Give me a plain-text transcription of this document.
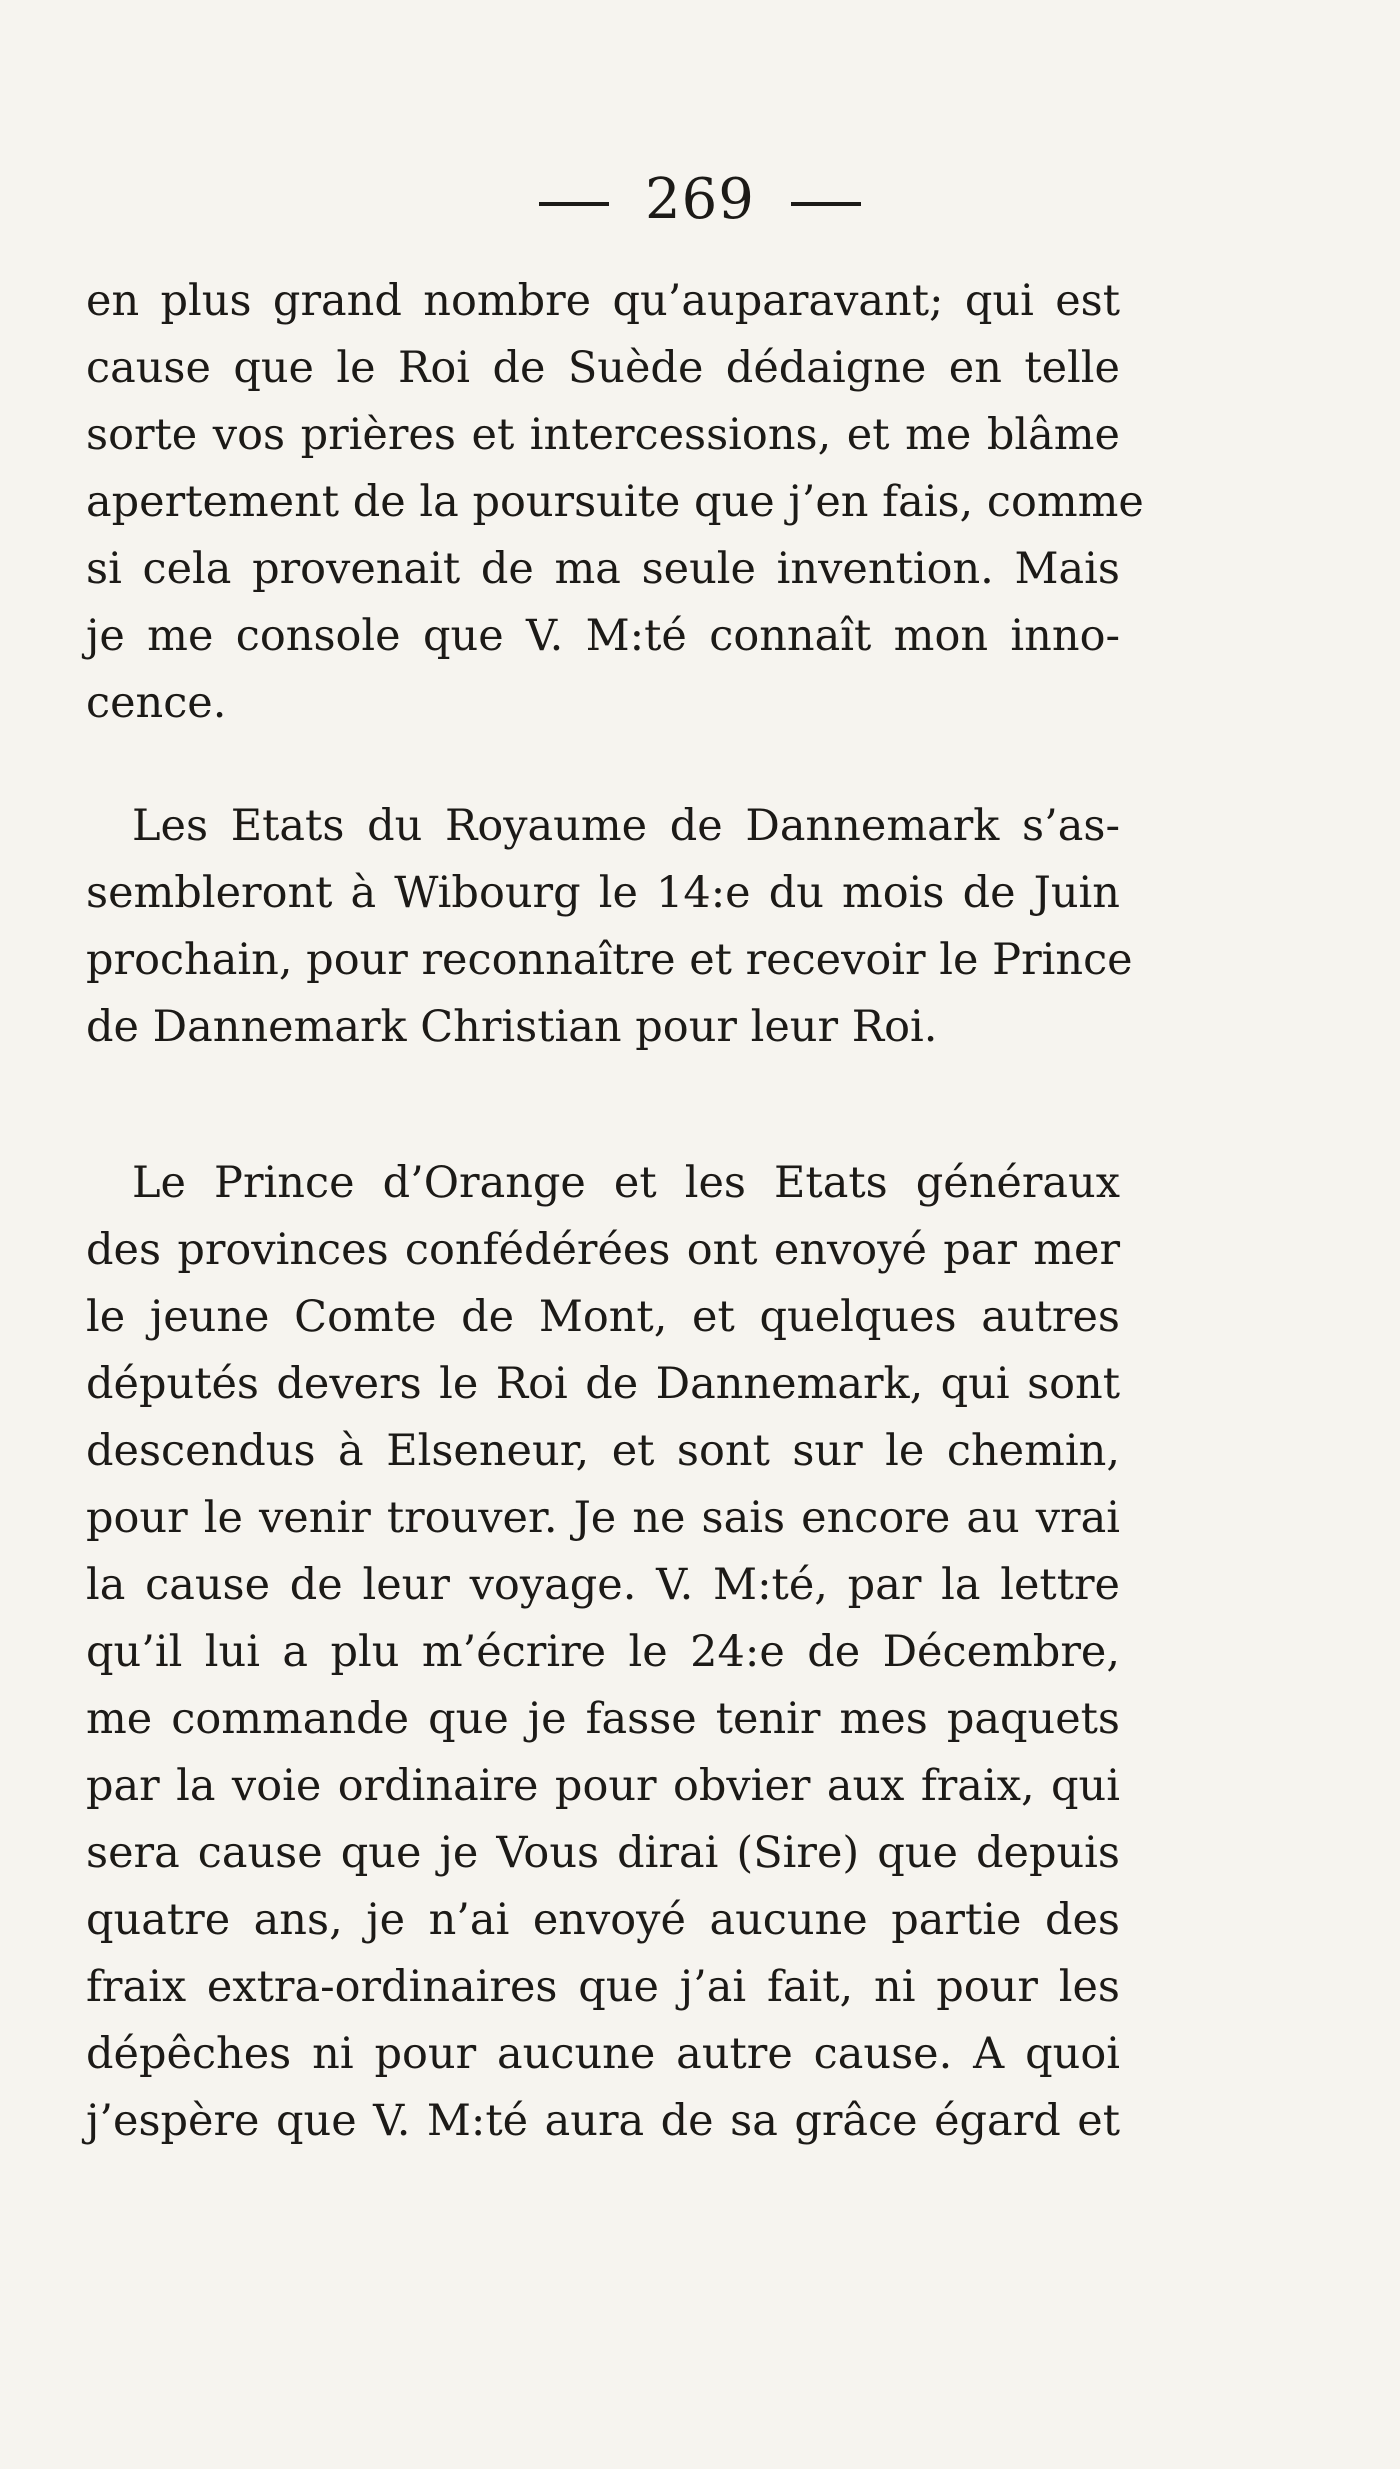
269
en plus grand nombre qu’auparavant; qui est
cause que le Roi de Suède dédaigne en telle
sorte vos prières et intercessions, et me blâme
apertement de la poursuite que j’en fais, comme
si cela provenait de ma seule invention. Mais
je me console que V. M:té connaît mon inno-
cence.
Les Etats du Royaume de Dannemark s’as-
sembleront à Wibourg le 14:e du mois de Juin
prochain, pour reconnaître et recevoir le Prince
de Dannemark Christian pour leur Roi.
Le Prince d’Orange et les Etats généraux
des provinces confédérées ont envoyé par mer
le jeune Comte de Mont, et quelques autres
députés devers le Roi de Dannemark, qui sont
descendus à Elseneur, et sont sur le chemin,
pour le venir trouver. Je ne sais encore au vrai
la cause de leur voyage. V. M:té, par la lettre
qu’il lui a plu m’écrire le 24:e de Décembre,
me commande que je fasse tenir mes paquets
par la voie ordinaire pour obvier aux fraix, qui
sera cause que je Vous dirai (Sire) que depuis
quatre ans, je n’ai envoyé aucune partie des
fraix extra-ordinaires que j’ai fait, ni pour les
dépêches ni pour aucune autre cause. A quoi
j’espère que V. M:té aura de sa grâce égard et
